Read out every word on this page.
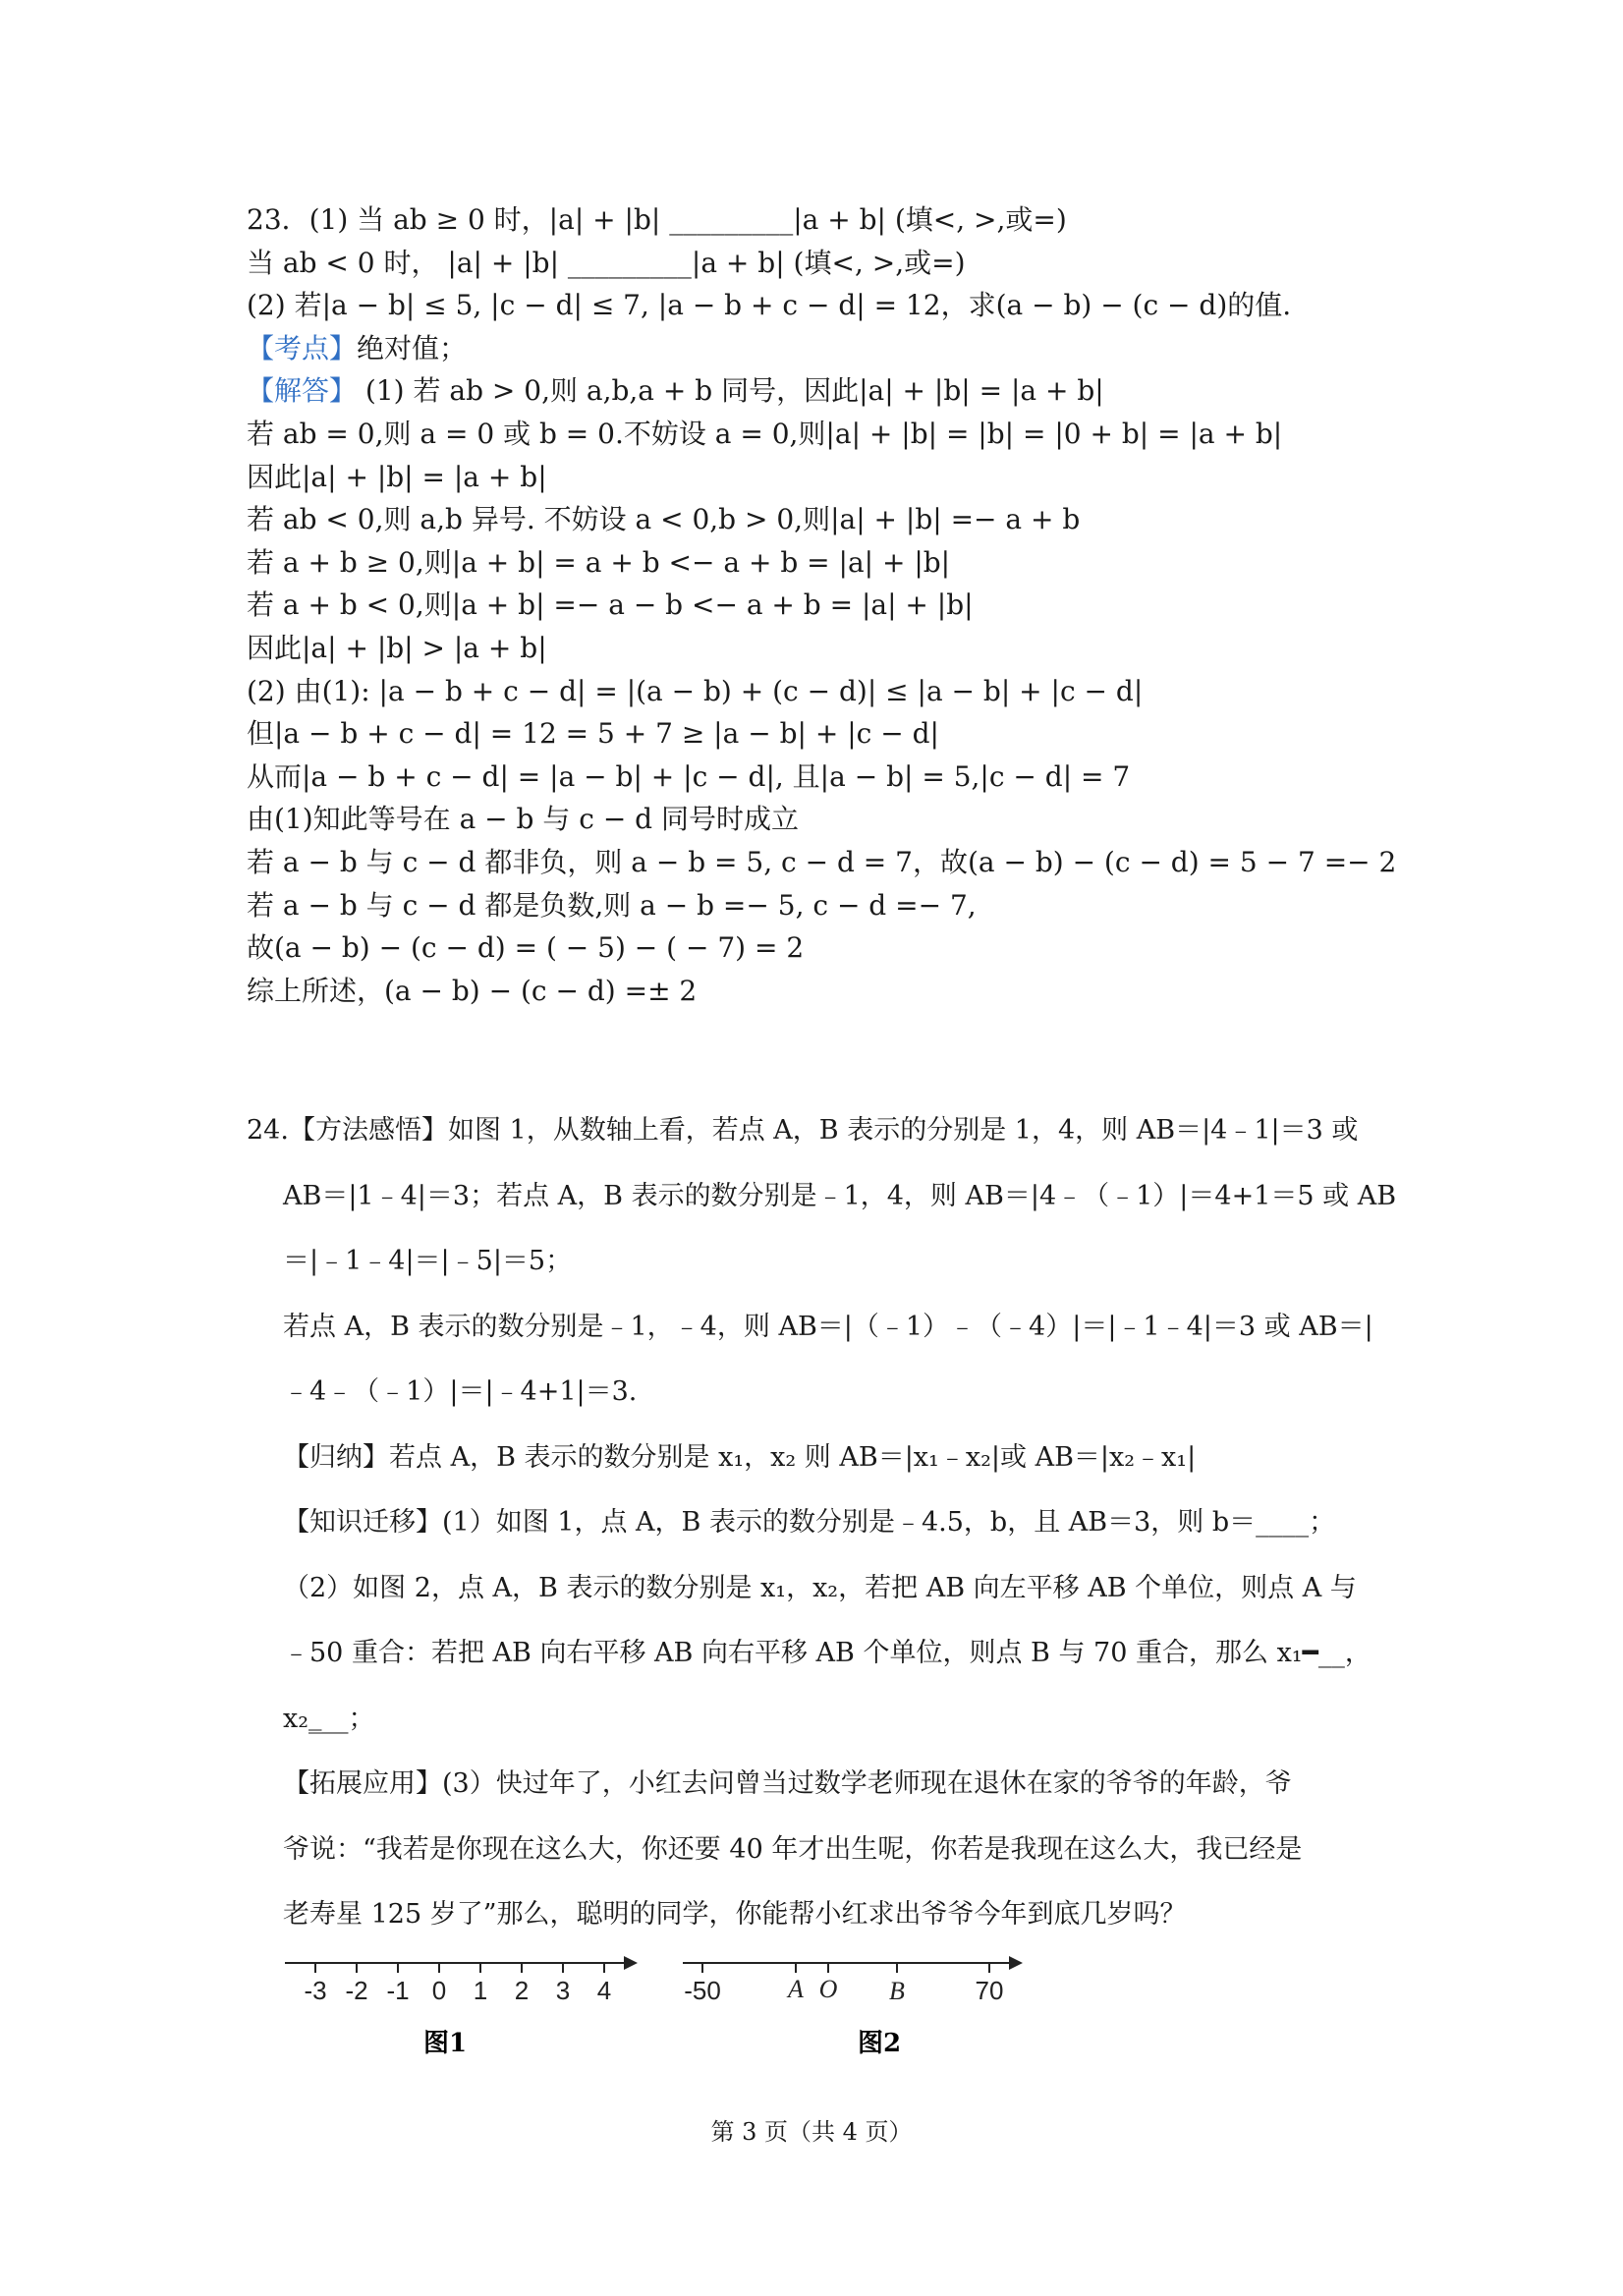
23．(1) 当 ab ≥ 0 时，|a| + |b| _________|a + b| (填<, >,或=)
当 ab < 0 时， |a| + |b| _________|a + b| (填<, >,或=)
(2) 若|a − b| ≤ 5, |c − d| ≤ 7, |a − b + c − d| = 12，求(a − b) − (c − d)的值.
【考点】绝对值；
【解答】 (1) 若 ab > 0,则 a,b,a + b 同号，因此|a| + |b| = |a + b|
若 ab = 0,则 a = 0 或 b = 0.不妨设 a = 0,则|a| + |b| = |b| = |0 + b| = |a + b|
因此|a| + |b| = |a + b|
若 ab < 0,则 a,b 异号. 不妨设 a < 0,b > 0,则|a| + |b| =− a + b
若 a + b ≥ 0,则|a + b| = a + b <− a + b = |a| + |b|
若 a + b < 0,则|a + b| =− a − b <− a + b = |a| + |b|
因此|a| + |b| > |a + b|
(2) 由(1): |a − b + c − d| = |(a − b) + (c − d)| ≤ |a − b| + |c − d|
但|a − b + c − d| = 12 = 5 + 7 ≥ |a − b| + |c − d|
从而|a − b + c − d| = |a − b| + |c − d|, 且|a − b| = 5,|c − d| = 7
由(1)知此等号在 a − b 与 c − d 同号时成立
若 a − b 与 c − d 都非负，则 a − b = 5, c − d = 7，故(a − b) − (c − d) = 5 − 7 =− 2
若 a − b 与 c − d 都是负数,则 a − b =− 5, c − d =− 7,
故(a − b) − (c − d) = ( − 5) − ( − 7) = 2
综上所述，(a − b) − (c − d) =± 2
24.【方法感悟】如图 1，从数轴上看，若点 A，B 表示的分别是 1，4，则 AB＝|4﹣1|＝3 或
AB＝|1﹣4|＝3；若点 A，B 表示的数分别是﹣1，4，则 AB＝|4﹣（﹣1）|＝4+1＝5 或 AB
＝|﹣1﹣4|＝|﹣5|＝5；
若点 A，B 表示的数分别是﹣1，﹣4，则 AB＝|（﹣1）﹣（﹣4）|＝|﹣1﹣4|＝3 或 AB＝|
﹣4﹣（﹣1）|＝|﹣4+1|＝3.
【归纳】若点 A，B 表示的数分别是 x₁，x₂ 则 AB＝|x₁﹣x₂|或 AB＝|x₂﹣x₁|
【知识迁移】(1）如图 1，点 A，B 表示的数分别是﹣4.5，b，且 AB＝3，则 b＝____；
（2）如图 2，点 A，B 表示的数分别是 x₁，x₂，若把 AB 向左平移 AB 个单位，则点 A 与
﹣50 重合：若把 AB 向右平移 AB 向右平移 AB 个单位，则点 B 与 70 重合，那么 x₁━__，
x₂‗__；
【拓展应用】(3）快过年了，小红去问曾当过数学老师现在退休在家的爷爷的年龄，爷
爷说：“我若是你现在这么大，你还要 40 年才出生呢，你若是我现在这么大，我已经是
老寿星 125 岁了”那么，聪明的同学，你能帮小红求出爷爷今年到底几岁吗？
-3 -2 -1 0 1 2 3 4
图1
-50	A O B	70
图2
第 3 页（共 4 页）
